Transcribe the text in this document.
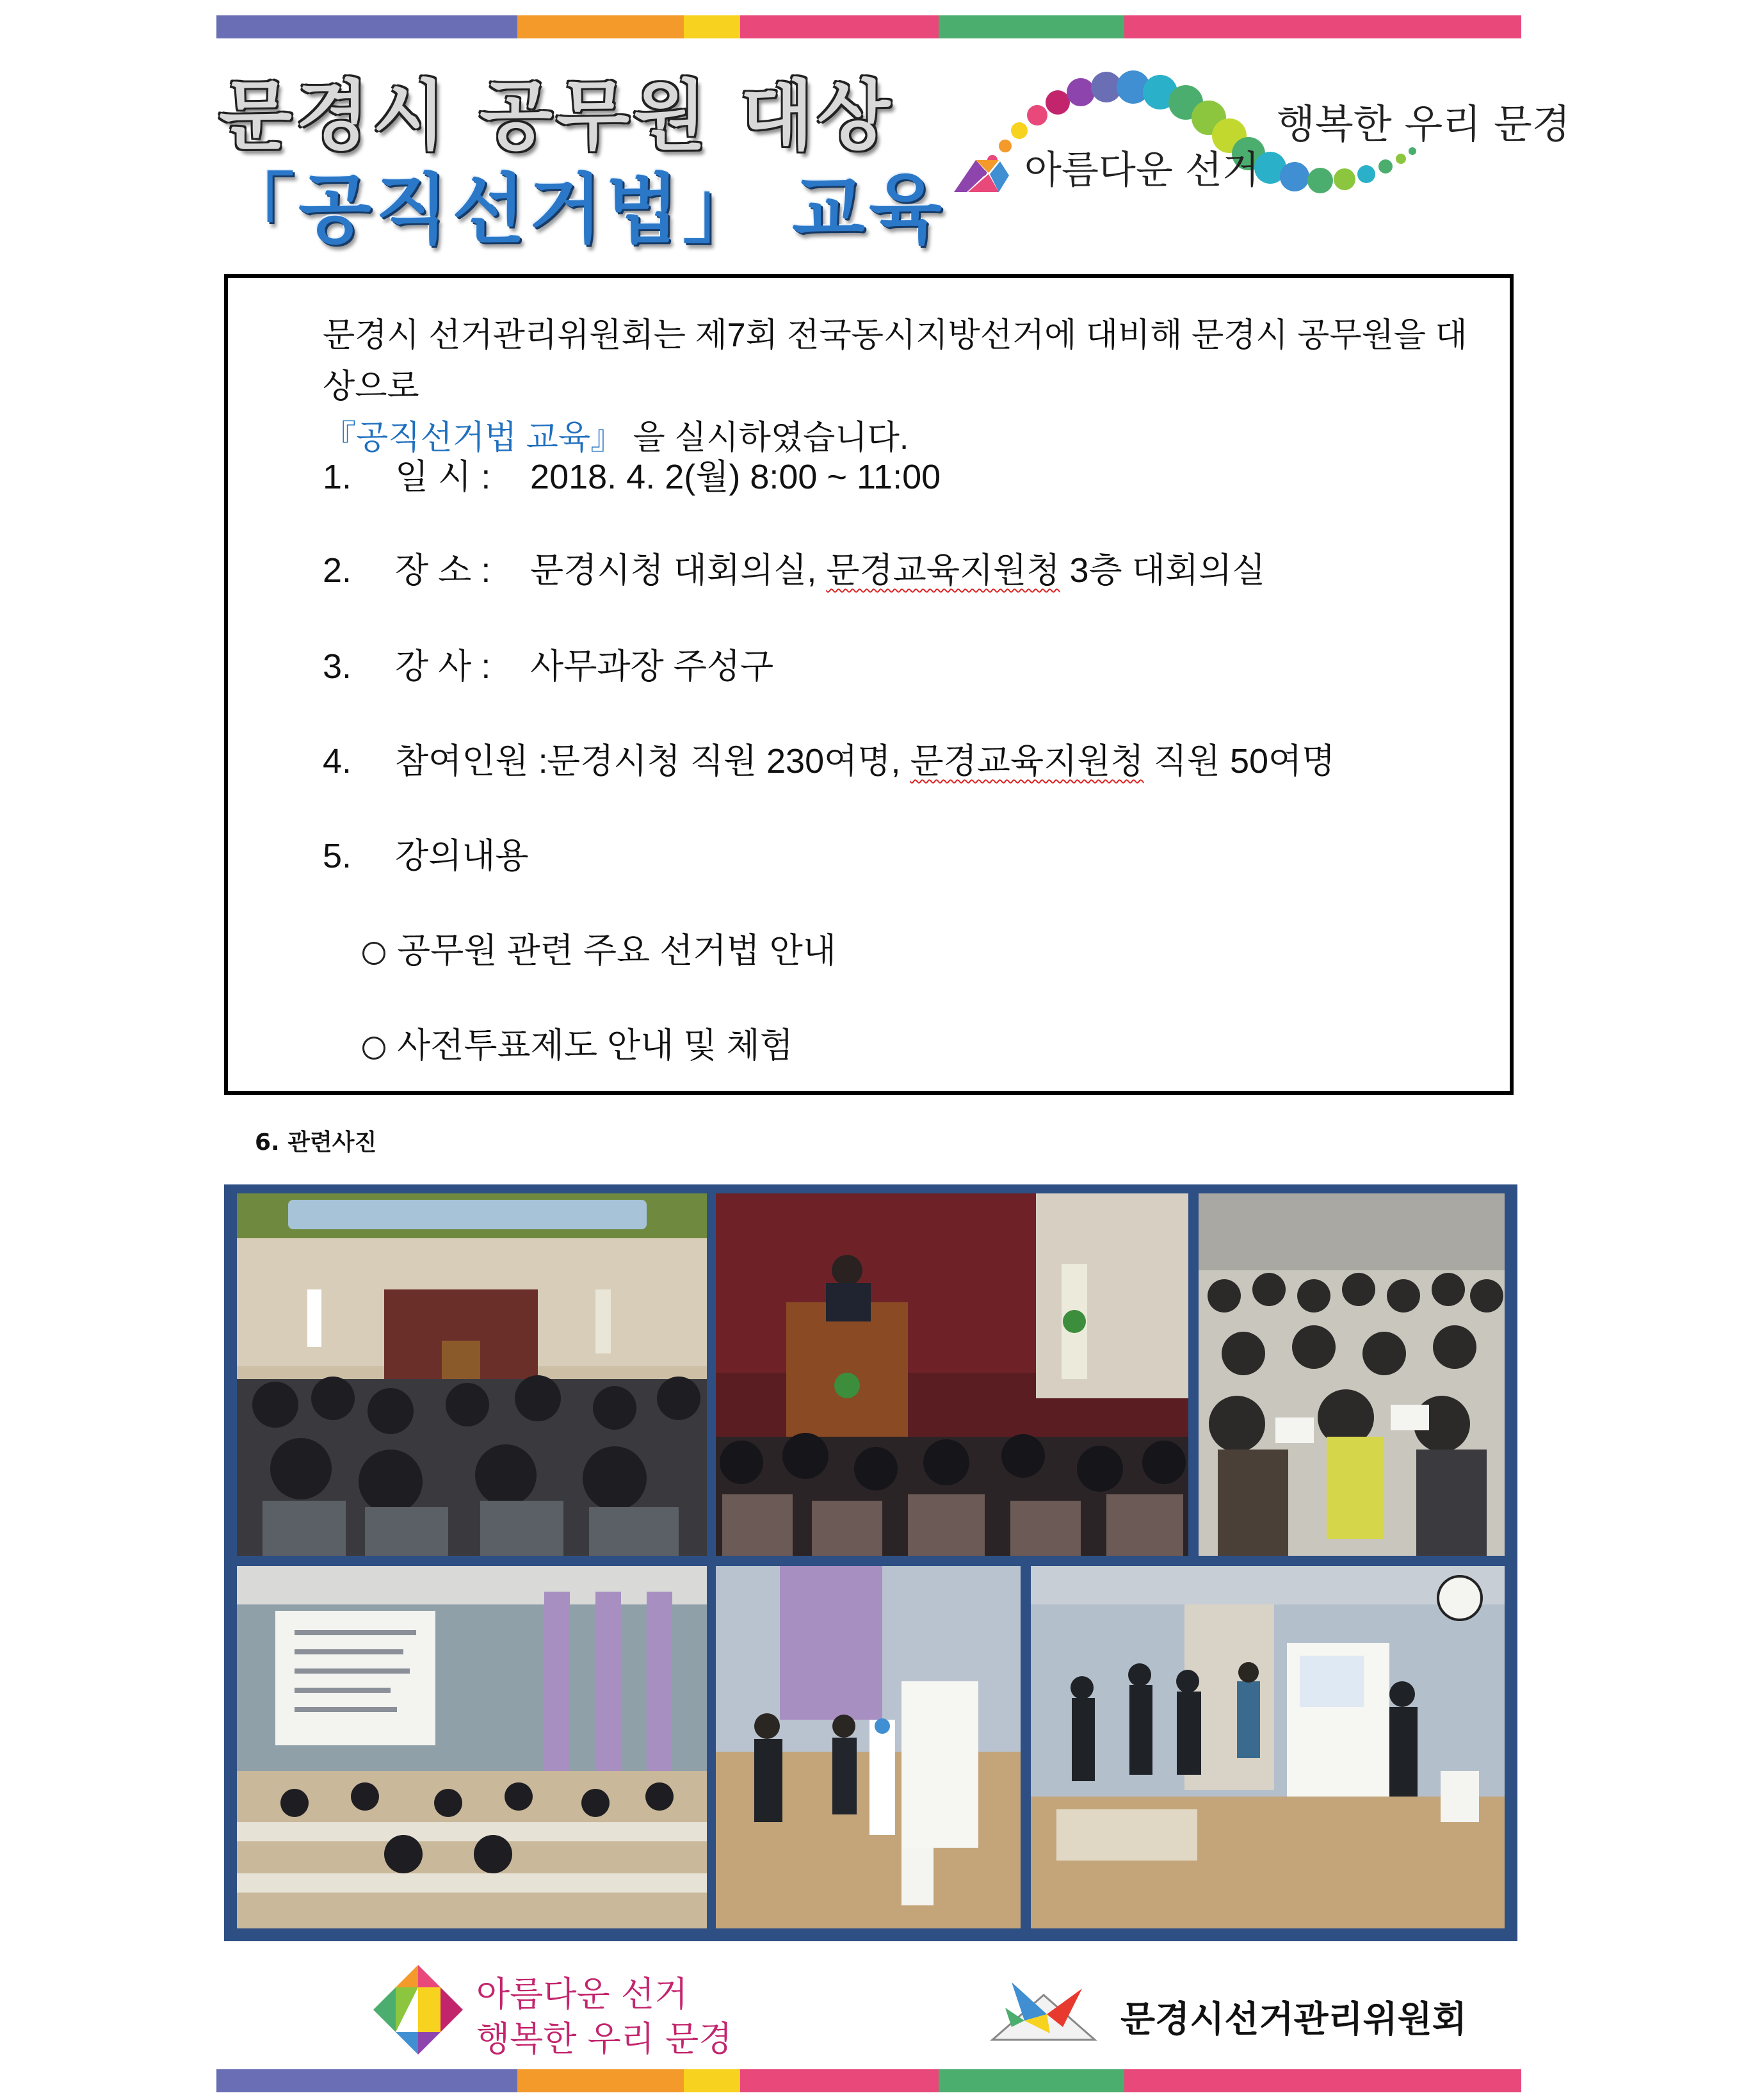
문경시 공무원 대상
「공직선거법」 교육 아름다운 선거
행복한 우리 문경
문경시 선거관리위원회는 제7회 전국동시지방선거에 대비해 문경시 공무원을 대상으로
『공직선거법 교육』 을 실시하였습니다.
1. 일 시 : 2018. 4. 2(월) 8:00 ~ 11:00
2. 장 소 : 문경시청 대회의실, 문경교육지원청 3층 대회의실
3. 강 사 : 사무과장 주성구
4. 참여인원 : 문경시청 직원 230여명, 문경교육지원청 직원 50여명
5. 강의내용
공무원 관련 주요 선거법 안내
사전투표제도 안내 및 체험
6. 관련사진
아름다운 선거
행복한 우리 문경	문경시선거관리위원회
